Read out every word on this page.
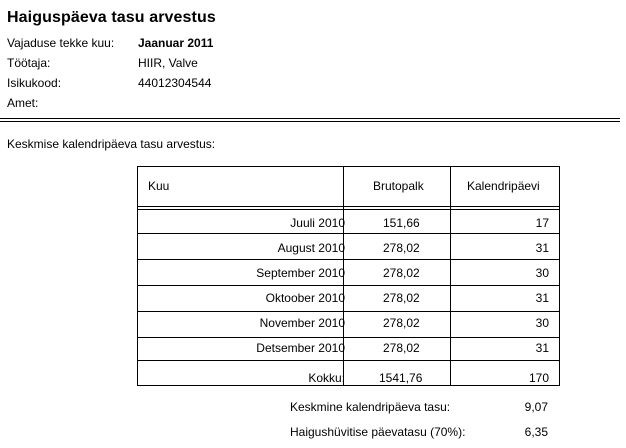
Haiguspäeva tasu arvestus
Vajaduse tekke kuu: Jaanuar 2011
Töötaja:	HIIR, Valve
Isikukood:	44012304544
Amet:
Keskmise kalendripäeva tasu arvestus:
Kuu	Brutopalk	Kalendripäevi
Juuli 2010	151,66	17
August 2010	278,02	31
September 2010	278,02	30
Oktoober 2010	278,02	31
November 2010	278,02	30
Detsember 2010	278,02	31
Kokku:	1541,76	170
Keskmine kalendripäeva tasu:	9,07
Haigushüvitise päevatasu (70%):	6,35
